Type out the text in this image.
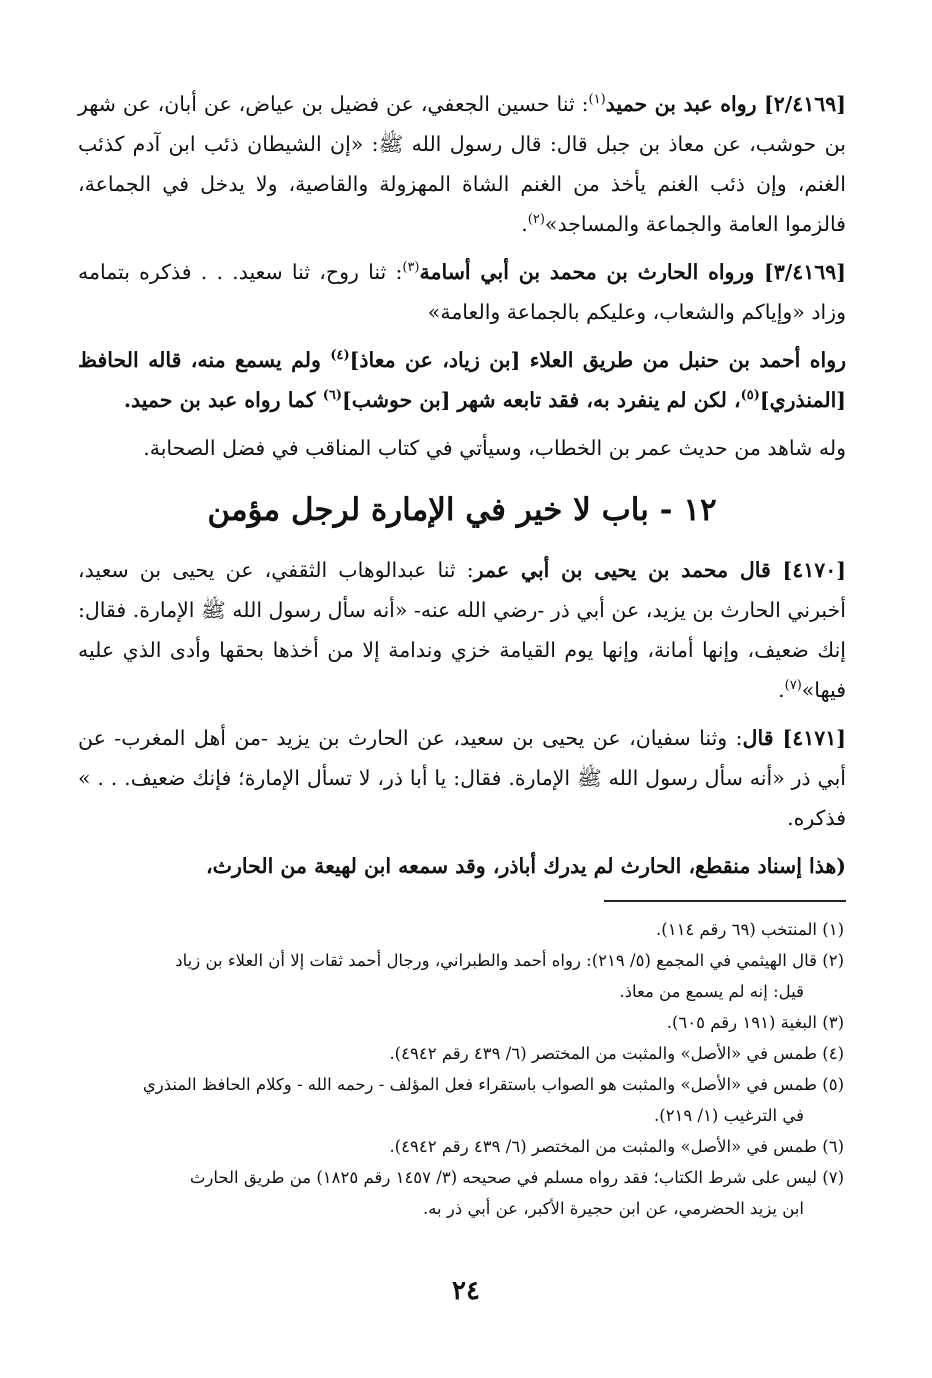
[٢/٤١٦٩] رواه عبد بن حميد$^{(١)}$: ثنا حسين الجعفي، عن فضيل بن عياض، عن أبان، عن شهر بن حوشب، عن معاذ بن جبل قال: قال رسول الله ﷺ: «إن الشيطان ذئب ابن آدم كذئب الغنم، وإن ذئب الغنم يأخذ من الغنم الشاة المهزولة والقاصية، ولا يدخل في الجماعة، فالزموا العامة والجماعة والمساجد»$^{(٢)}$.

[٣/٤١٦٩] ورواه الحارث بن محمد بن أبي أسامة$^{(٣)}$: ثنا روح، ثنا سعيد. . . فذكره بتمامه وزاد «وإياكم والشعاب، وعليكم بالجماعة والعامة»

رواه أحمد بن حنبل من طريق العلاء [بن زياد، عن معاذ]$^{(٤)}$ ولم يسمع منه، قاله الحافظ [المنذري]$^{(٥)}$، لكن لم ينفرد به، فقد تابعه شهر [بن حوشب]$^{(٦)}$ كما رواه عبد بن حميد.

وله شاهد من حديث عمر بن الخطاب، وسيأتي في كتاب المناقب في فضل الصحابة.

١٢ - باب لا خير في الإمارة لرجل مؤمن

[٤١٧٠] قال محمد بن يحيى بن أبي عمر: ثنا عبدالوهاب الثقفي، عن يحيى بن سعيد، أخبرني الحارث بن يزيد، عن أبي ذر -رضي الله عنه- «أنه سأل رسول الله ﷺ الإمارة. فقال: إنك ضعيف، وإنها أمانة، وإنها يوم القيامة خزي وندامة إلا من أخذها بحقها وأدى الذي عليه فيها»$^{(٧)}$.

[٤١٧١] قال: وثنا سفيان، عن يحيى بن سعيد، عن الحارث بن يزيد -من أهل المغرب- عن أبي ذر «أنه سأل رسول الله ﷺ الإمارة. فقال: يا أبا ذر، لا تسأل الإمارة؛ فإنك ضعيف. . . » فذكره.

(هذا إسناد منقطع، الحارث لم يدرك أباذر، وقد سمعه ابن لهيعة من الحارث،

(١) المنتخب (٦٩ رقم ١١٤).

(٢) قال الهيثمي في المجمع (٥/ ٢١٩): رواه أحمد والطبراني، ورجال أحمد ثقات إلا أن العلاء بن زياد

قيل: إنه لم يسمع من معاذ.

(٣) البغية (١٩١ رقم ٦٠٥).

(٤) طمس في «الأصل» والمثبت من المختصر (٦/ ٤٣٩ رقم ٤٩٤٢).

(٥) طمس في «الأصل» والمثبت هو الصواب باستقراء فعل المؤلف - رحمه الله - وكلام الحافظ المنذري

في الترغيب (١/ ٢١٩).

(٦) طمس في «الأصل» والمثبت من المختصر (٦/ ٤٣٩ رقم ٤٩٤٢).

(٧) ليس على شرط الكتاب؛ فقد رواه مسلم في صحيحه (٣/ ١٤٥٧ رقم ١٨٢٥) من طريق الحارث

ابن يزيد الحضرمي، عن ابن حجيرة الأكبر، عن أبي ذر به.

٢٤
